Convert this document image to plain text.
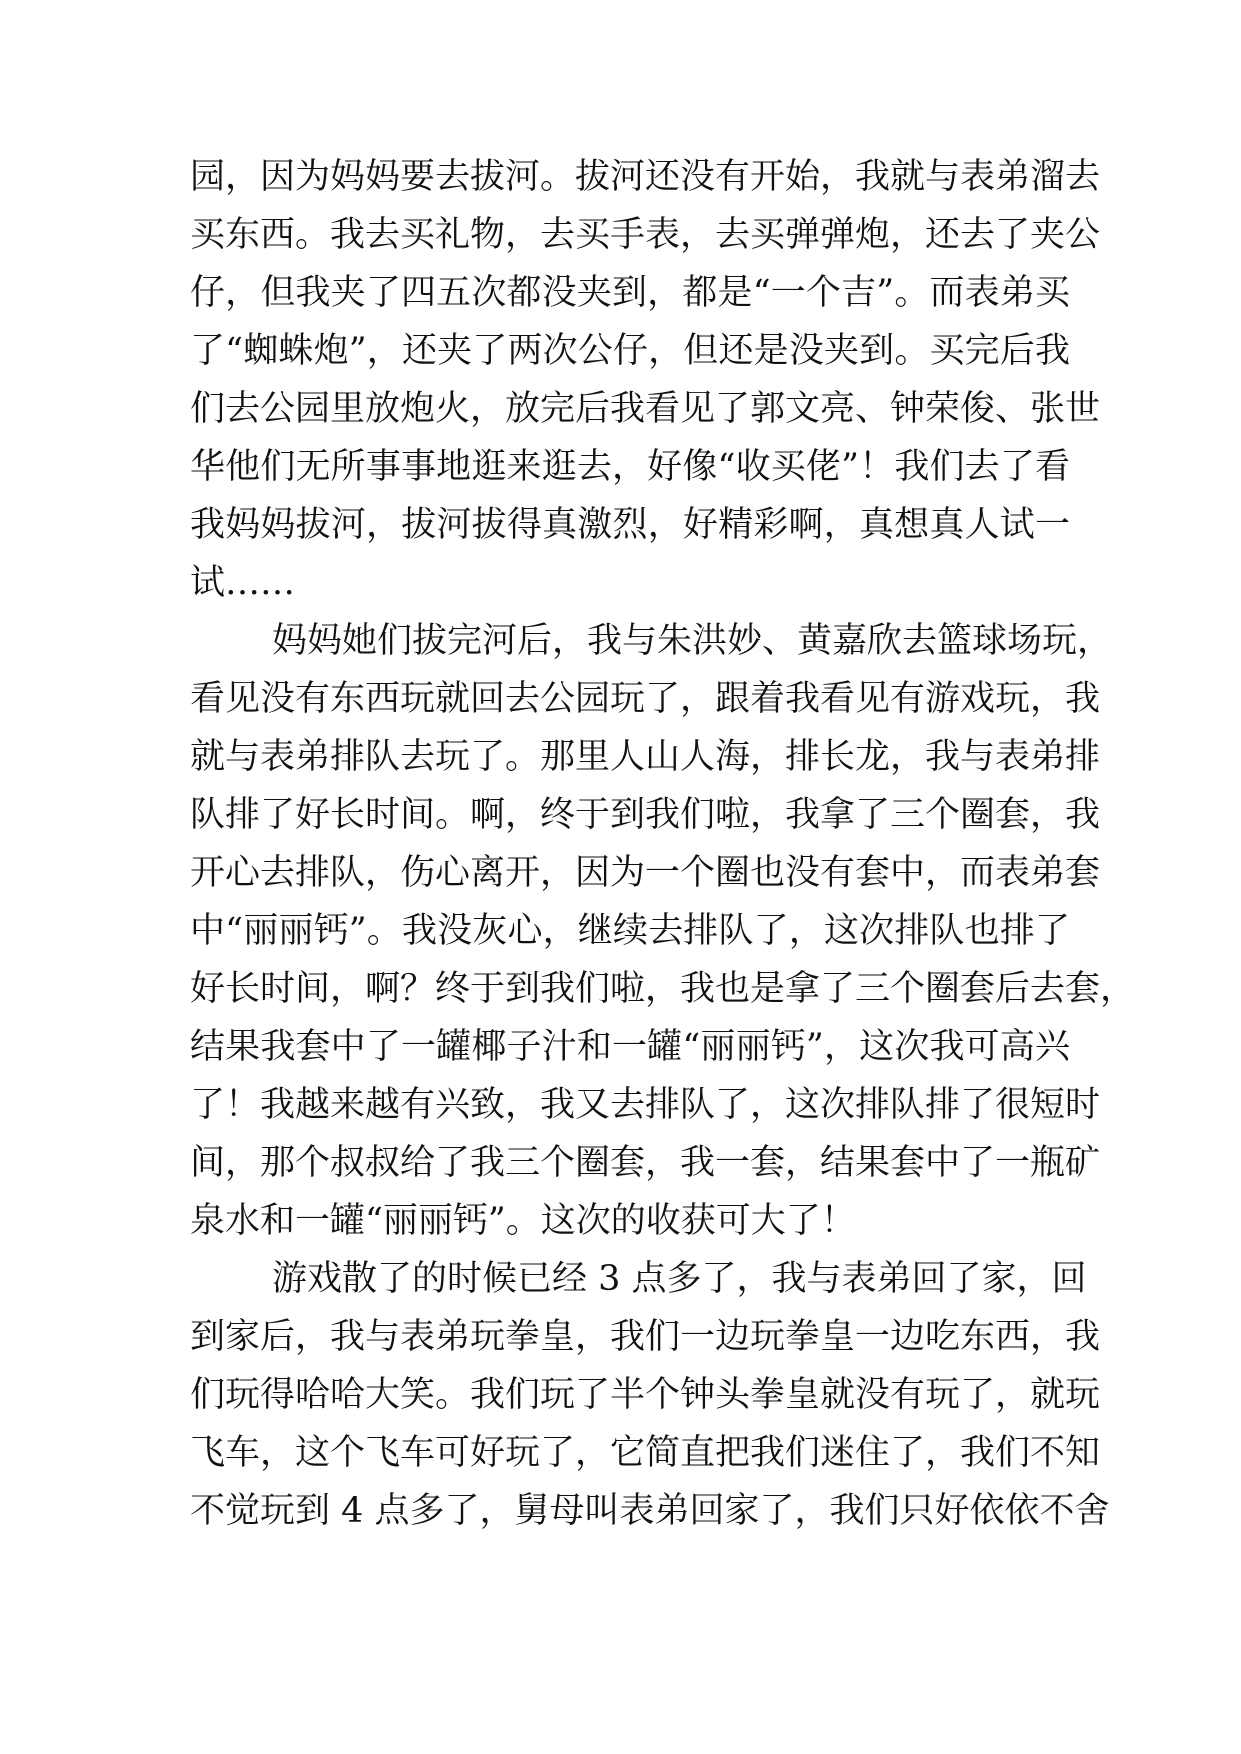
园，因为妈妈要去拔河。拔河还没有开始，我就与表弟溜去
买东西。我去买礼物，去买手表，去买弹弹炮，还去了夹公
仔，但我夹了四五次都没夹到，都是“一个吉”。而表弟买
了“蜘蛛炮”，还夹了两次公仔，但还是没夹到。买完后我
们去公园里放炮火，放完后我看见了郭文亮、钟荣俊、张世
华他们无所事事地逛来逛去，好像“收买佬”！我们去了看
我妈妈拔河，拔河拔得真激烈，好精彩啊，真想真人试一
试……
妈妈她们拔完河后，我与朱洪妙、黄嘉欣去篮球场玩，
看见没有东西玩就回去公园玩了，跟着我看见有游戏玩，我
就与表弟排队去玩了。那里人山人海，排长龙，我与表弟排
队排了好长时间。啊，终于到我们啦，我拿了三个圈套，我
开心去排队，伤心离开，因为一个圈也没有套中，而表弟套
中“丽丽钙”。我没灰心，继续去排队了，这次排队也排了
好长时间，啊？终于到我们啦，我也是拿了三个圈套后去套，
结果我套中了一罐椰子汁和一罐“丽丽钙”，这次我可高兴
了！我越来越有兴致，我又去排队了，这次排队排了很短时
间，那个叔叔给了我三个圈套，我一套，结果套中了一瓶矿
泉水和一罐“丽丽钙”。这次的收获可大了！
游戏散了的时候已经 3 点多了，我与表弟回了家，回
到家后，我与表弟玩拳皇，我们一边玩拳皇一边吃东西，我
们玩得哈哈大笑。我们玩了半个钟头拳皇就没有玩了，就玩
飞车，这个飞车可好玩了，它简直把我们迷住了，我们不知
不觉玩到 4 点多了，舅母叫表弟回家了，我们只好依依不舍
